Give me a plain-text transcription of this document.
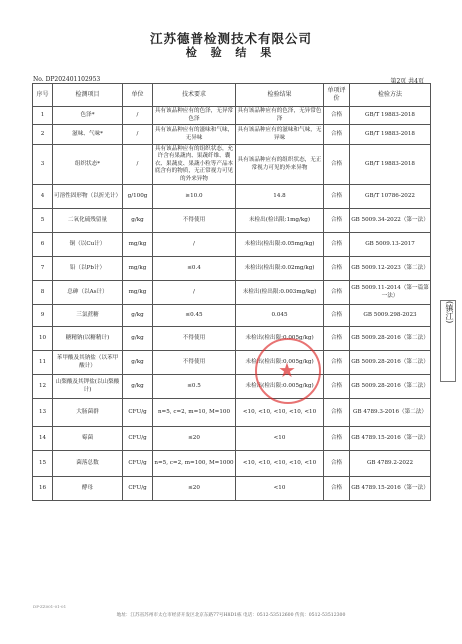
江苏德普检测技术有限公司
检 验 结 果
No. DP202401102953	第2页 共4页
序号	检测项目	单位	技术要求	检验结果	单项评价	检验方法
1	色泽*	/	具有该品种应有的色泽，无异常色泽	具有该品种应有的色泽，无异常色泽	合格	GB/T 19883-2018
2	滋味、气味*	/	具有该品种应有的滋味和气味，无异味	具有该品种应有的滋味和气味，无异味	合格	GB/T 19883-2018
3	组织状态*	/	具有该品种应有的组织状态，允许含有果蔬肉、果蔬纤维、囊衣、果蔬皮、果蔬小粒等产品本底含有的物质，无正常视力可见的外来异物	具有该品种应有的组织状态，无正常视力可见的外来异物	合格	GB/T 19883-2018
4	可溶性固形物（以折光计）	g/100g	≥10.0	14.8	合格	GB/T 10786-2022
5	二氧化硫残留量	g/kg	不得使用	未检出(检出限:1mg/kg)	合格	GB 5009.34-2022（第一法）
6	铜（以Cu计）	mg/kg	/	未检出(检出限:0.05mg/kg)	合格	GB 5009.13-2017
7	铅（以Pb计）	mg/kg	≤0.4	未检出(检出限:0.02mg/kg)	合格	GB 5009.12-2023（第二法）
8	总砷（以As计）	mg/kg	/	未检出(检出限:0.003mg/kg)	合格	GB 5009.11-2014（第一篇第一法）
9	三氯蔗糖	g/kg	≤0.45	0.045	合格	GB 5009.298-2023
10	糖精钠(以糖精计)	g/kg	不得使用	未检出(检出限:0.005g/kg)	合格	GB 5009.28-2016（第二法）
11	苯甲酸及其钠盐（以苯甲酸计）	g/kg	不得使用	未检出(检出限:0.005g/kg)	合格	GB 5009.28-2016（第二法）
12	山梨酸及其钾盐(以山梨酸计)	g/kg	≤0.5	未检出(检出限:0.005g/kg)	合格	GB 5009.28-2016（第二法）
13	大肠菌群	CFU/g	n=5, c=2, m=10, M=100	<10, <10, <10, <10, <10	合格	GB 4789.3-2016（第二法）
14	霉菌	CFU/g	≤20	<10	合格	GB 4789.15-2016（第一法）
15	菌落总数	CFU/g	n=5, c=2, m=100, M=1000	<10, <10, <10, <10, <10	合格	GB 4789.2-2022
16	酵母	CFU/g	≤20	<10	合格	GB 4789.15-2016（第一法）
★
(镇江)
DP-ZZ001-01-01
地址：江苏省苏州市太仓市经济开发区北京东路77号H8D1栋 电话：0512-53512600 传真：0512-53512300
